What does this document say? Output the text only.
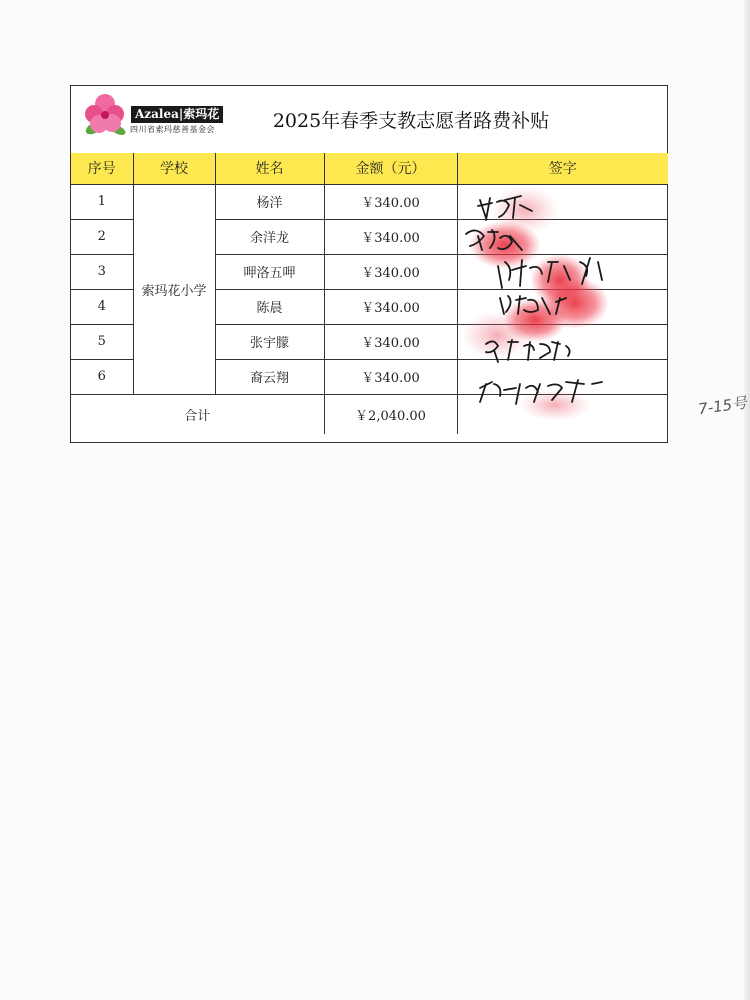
Azalea|索玛花
四川省索玛慈善基金会	2025年春季支教志愿者路费补贴
序号	学校	姓名	金额（元）	签字
1	索玛花小学	杨洋	￥340.00	
2		余洋龙	￥340.00	
3		呷洛五呷	￥340.00	
4		陈晨	￥340.00	
5		张宇朦	￥340.00	
6		裔云翔	￥340.00	
合计			￥2,040.00		7-15号
